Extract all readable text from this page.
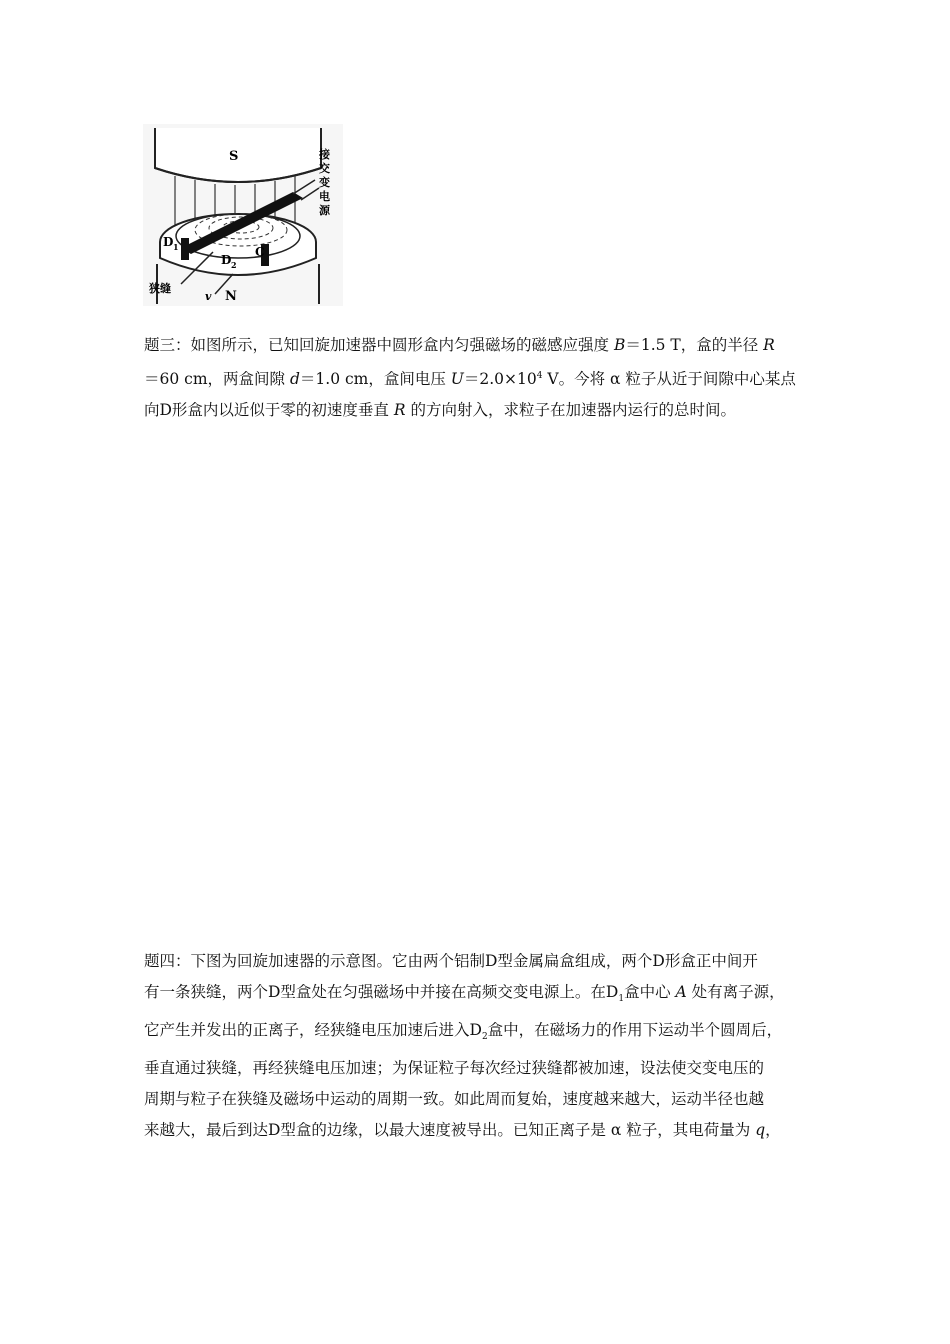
S
N
v
D 1
D 2
C
狭缝
接
交
变
电
源

题三：如图所示，已知回旋加速器中圆形盒内匀强磁场的磁感应强度 B＝1.5 T，盒的半径 R
＝60 cm，两盒间隙 d＝1.0 cm，盒间电压 $U=2.0\times 10^4$ V。今将 α 粒子从近于间隙中心某点
向D形盒内以近似于零的初速度垂直 R 的方向射入，求粒子在加速器内运行的总时间。

题四：下图为回旋加速器的示意图。它由两个铝制D型金属扁盒组成，两个D形盒正中间开
有一条狭缝，两个D型盒处在匀强磁场中并接在高频交变电源上。在$D_1$盒中心 A 处有离子源，
它产生并发出的正离子，经狭缝电压加速后进入$D_2$盒中，在磁场力的作用下运动半个圆周后，
垂直通过狭缝，再经狭缝电压加速；为保证粒子每次经过狭缝都被加速，设法使交变电压的
周期与粒子在狭缝及磁场中运动的周期一致。如此周而复始，速度越来越大，运动半径也越
来越大，最后到达D型盒的边缘，以最大速度被导出。已知正离子是 α 粒子，其电荷量为 q，
